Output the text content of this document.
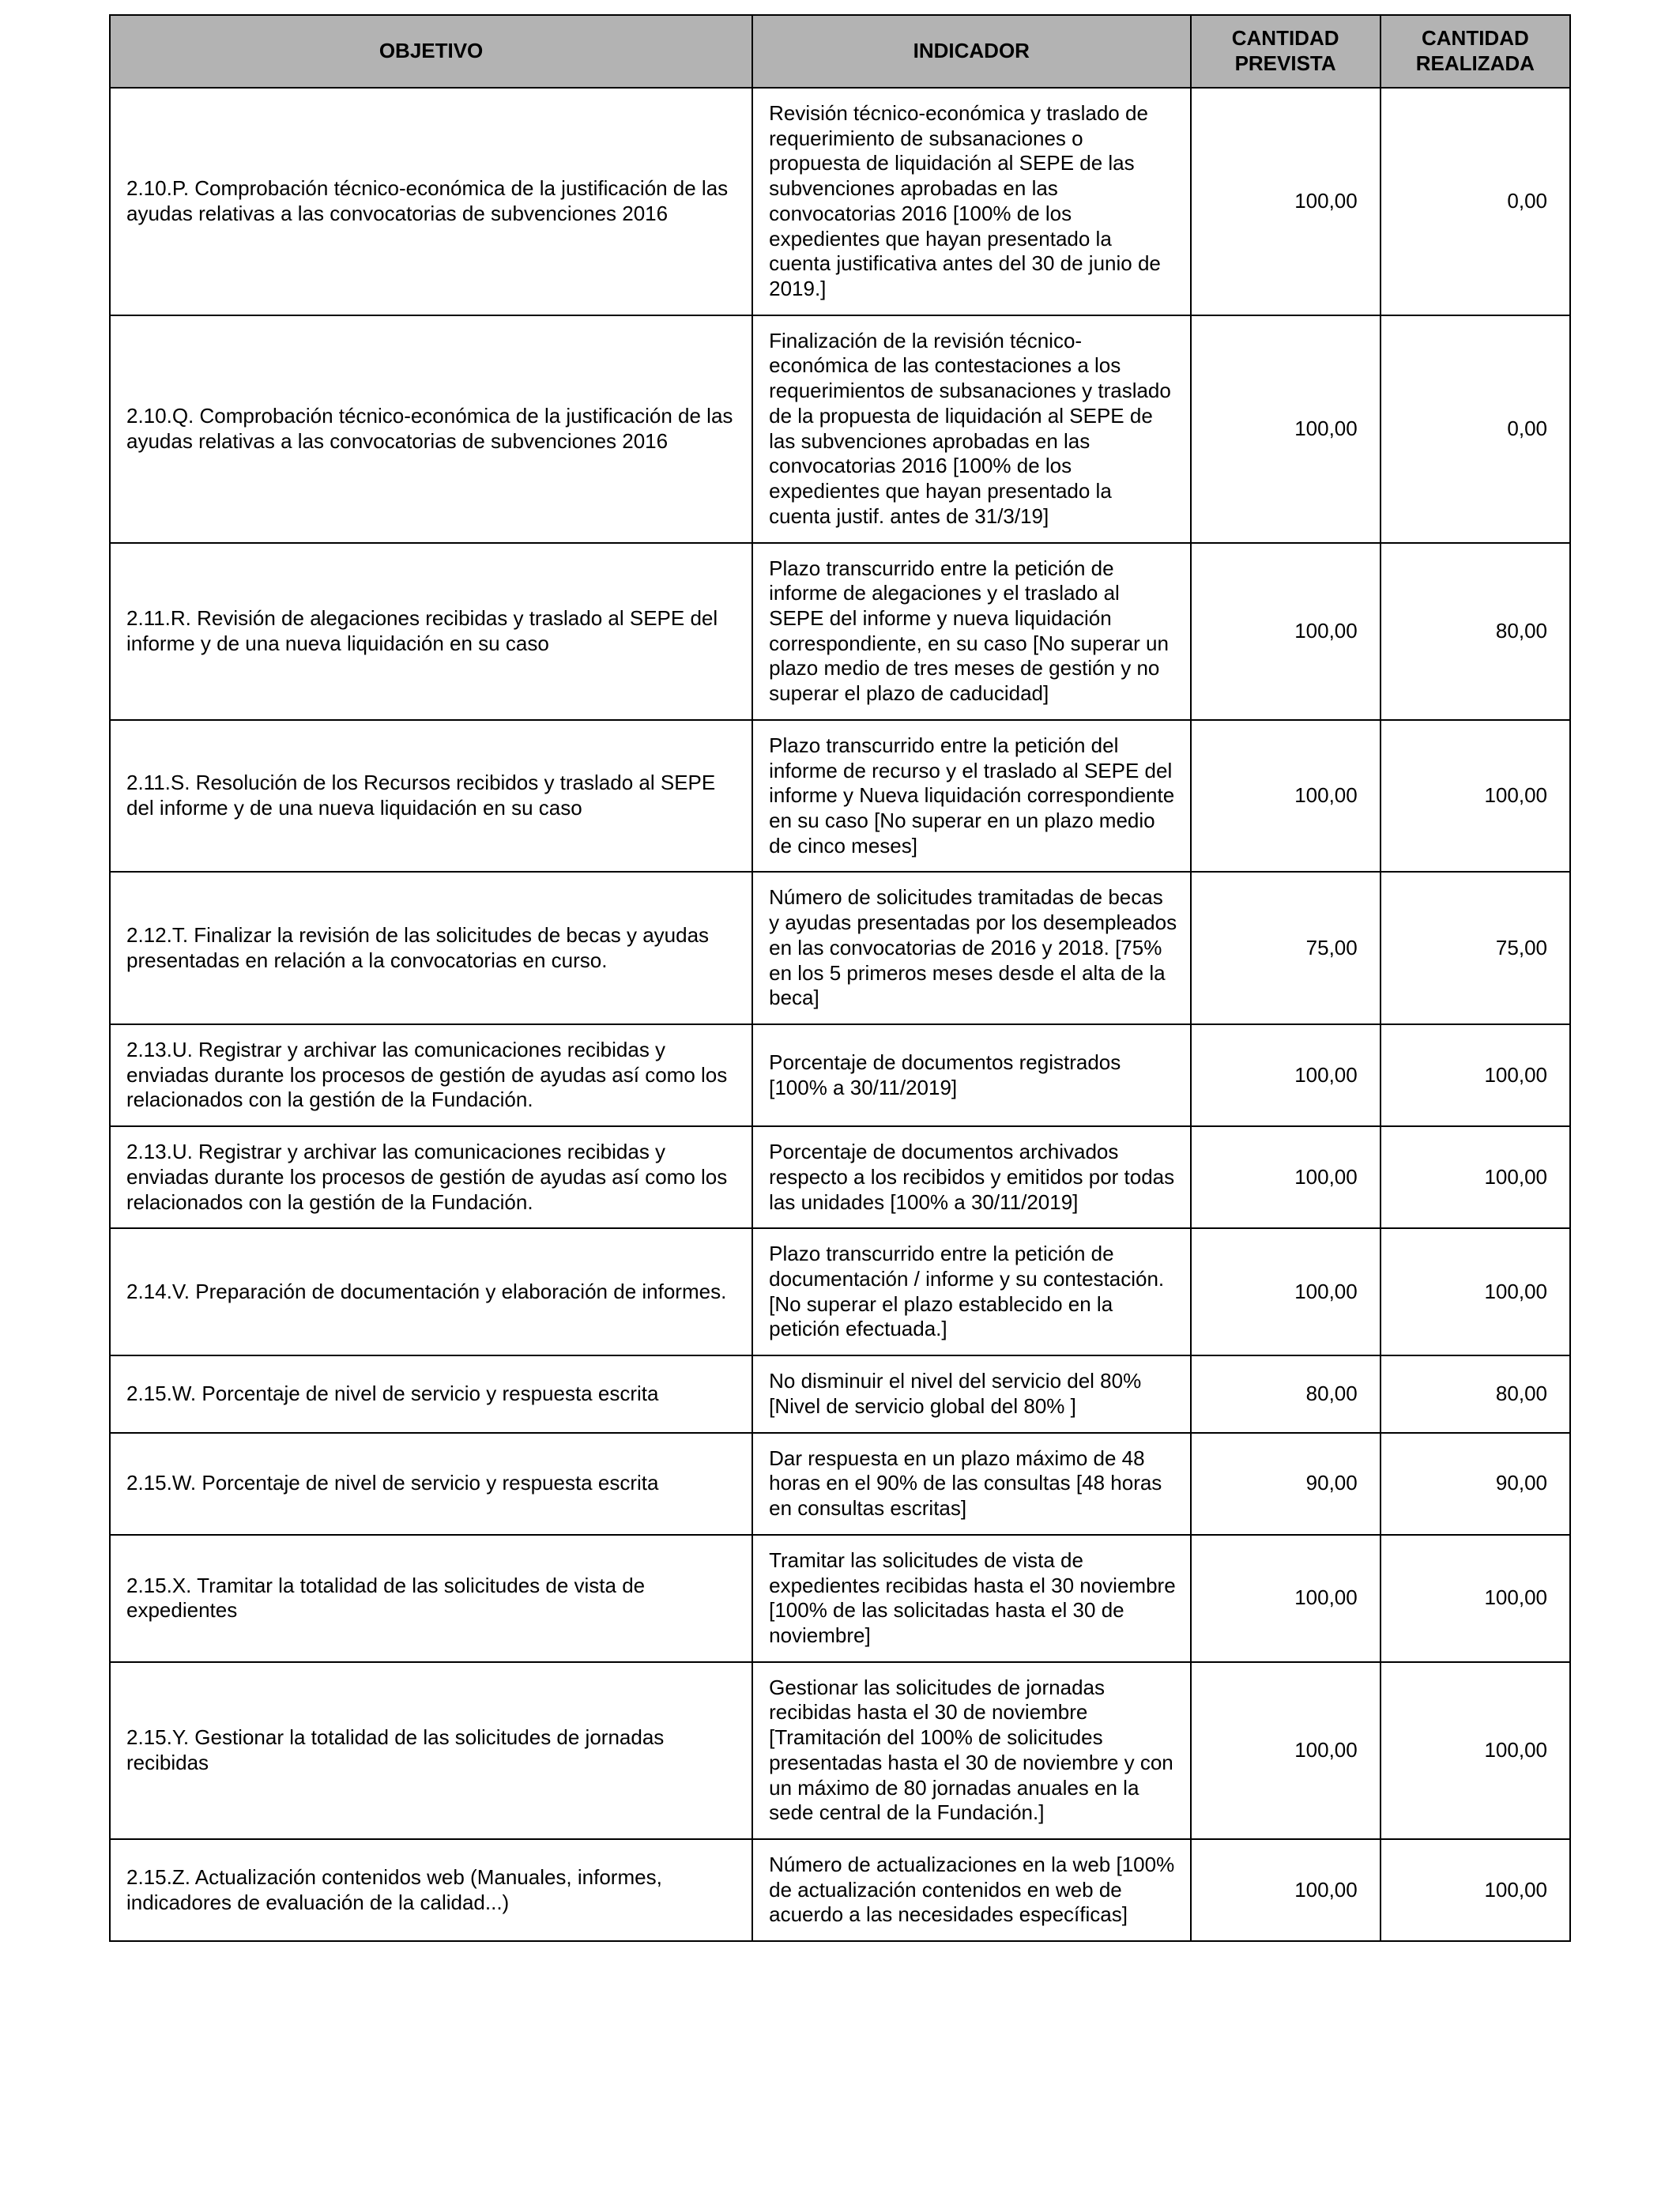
OBJETIVO	INDICADOR	CANTIDAD PREVISTA	CANTIDAD REALIZADA
2.10.P. Comprobación técnico-económica de la justificación de las ayudas relativas a las convocatorias de subvenciones 2016	Revisión técnico-económica y traslado de requerimiento de subsanaciones o propuesta de liquidación al SEPE de las subvenciones aprobadas en las convocatorias 2016 [100% de los expedientes que hayan presentado la cuenta justificativa antes del 30 de junio de 2019.]	100,00	0,00
2.10.Q. Comprobación técnico-económica de la justificación de las ayudas relativas a las convocatorias de subvenciones 2016	Finalización de la revisión técnico- económica de las contestaciones a los requerimientos de subsanaciones y traslado de la propuesta de liquidación al SEPE de las subvenciones aprobadas en las convocatorias 2016 [100% de los expedientes que hayan presentado la cuenta justif. antes de 31/3/19]	100,00	0,00
2.11.R. Revisión de alegaciones recibidas y traslado al SEPE del informe y de una nueva liquidación en su caso	Plazo transcurrido entre la petición de informe de alegaciones y el traslado al SEPE del informe y nueva liquidación correspondiente, en su caso [No superar un plazo medio de tres meses de gestión y no superar el plazo de caducidad]	100,00	80,00
2.11.S. Resolución de los Recursos recibidos y traslado al SEPE del informe y de una nueva liquidación en su caso	Plazo transcurrido entre la petición del informe de recurso y el traslado al SEPE del informe y Nueva liquidación correspondiente en su caso [No superar en un plazo medio de cinco meses]	100,00	100,00
2.12.T. Finalizar la revisión de las solicitudes de becas y ayudas presentadas en relación a la convocatorias en curso.	Número de solicitudes tramitadas de becas y ayudas presentadas por los desempleados en las convocatorias de 2016 y 2018. [75% en los 5 primeros meses desde el alta de la beca]	75,00	75,00
2.13.U. Registrar y archivar las comunicaciones recibidas y enviadas durante los procesos de gestión de ayudas así como los relacionados con la gestión de la Fundación.	Porcentaje de documentos registrados [100% a 30/11/2019]	100,00	100,00
2.13.U. Registrar y archivar las comunicaciones recibidas y enviadas durante los procesos de gestión de ayudas así como los relacionados con la gestión de la Fundación.	Porcentaje de documentos archivados respecto a los recibidos y emitidos por todas las unidades [100% a 30/11/2019]	100,00	100,00
2.14.V. Preparación de documentación y elaboración de informes.	Plazo transcurrido entre la petición de documentación / informe y su contestación. [No superar el plazo establecido en la petición efectuada.]	100,00	100,00
2.15.W. Porcentaje de nivel de servicio y respuesta escrita	No disminuir el nivel del servicio del 80% [Nivel de servicio global del 80% ]	80,00	80,00
2.15.W. Porcentaje de nivel de servicio y respuesta escrita	Dar respuesta en un plazo máximo de 48 horas en el 90% de las consultas [48 horas en consultas escritas]	90,00	90,00
2.15.X. Tramitar la totalidad de las solicitudes de vista de expedientes	Tramitar las solicitudes de vista de expedientes recibidas hasta el 30 noviembre [100% de las solicitadas hasta el 30 de noviembre]	100,00	100,00
2.15.Y. Gestionar la totalidad de las solicitudes de jornadas recibidas	Gestionar las solicitudes de jornadas recibidas hasta el 30 de noviembre [Tramitación del 100% de solicitudes presentadas hasta el 30 de noviembre y con un máximo de 80 jornadas anuales en la sede central de la Fundación.]	100,00	100,00
2.15.Z. Actualización contenidos web (Manuales, informes, indicadores de evaluación de la calidad...)	Número de actualizaciones en la web [100% de actualización contenidos en web de acuerdo a las necesidades específicas]	100,00	100,00
